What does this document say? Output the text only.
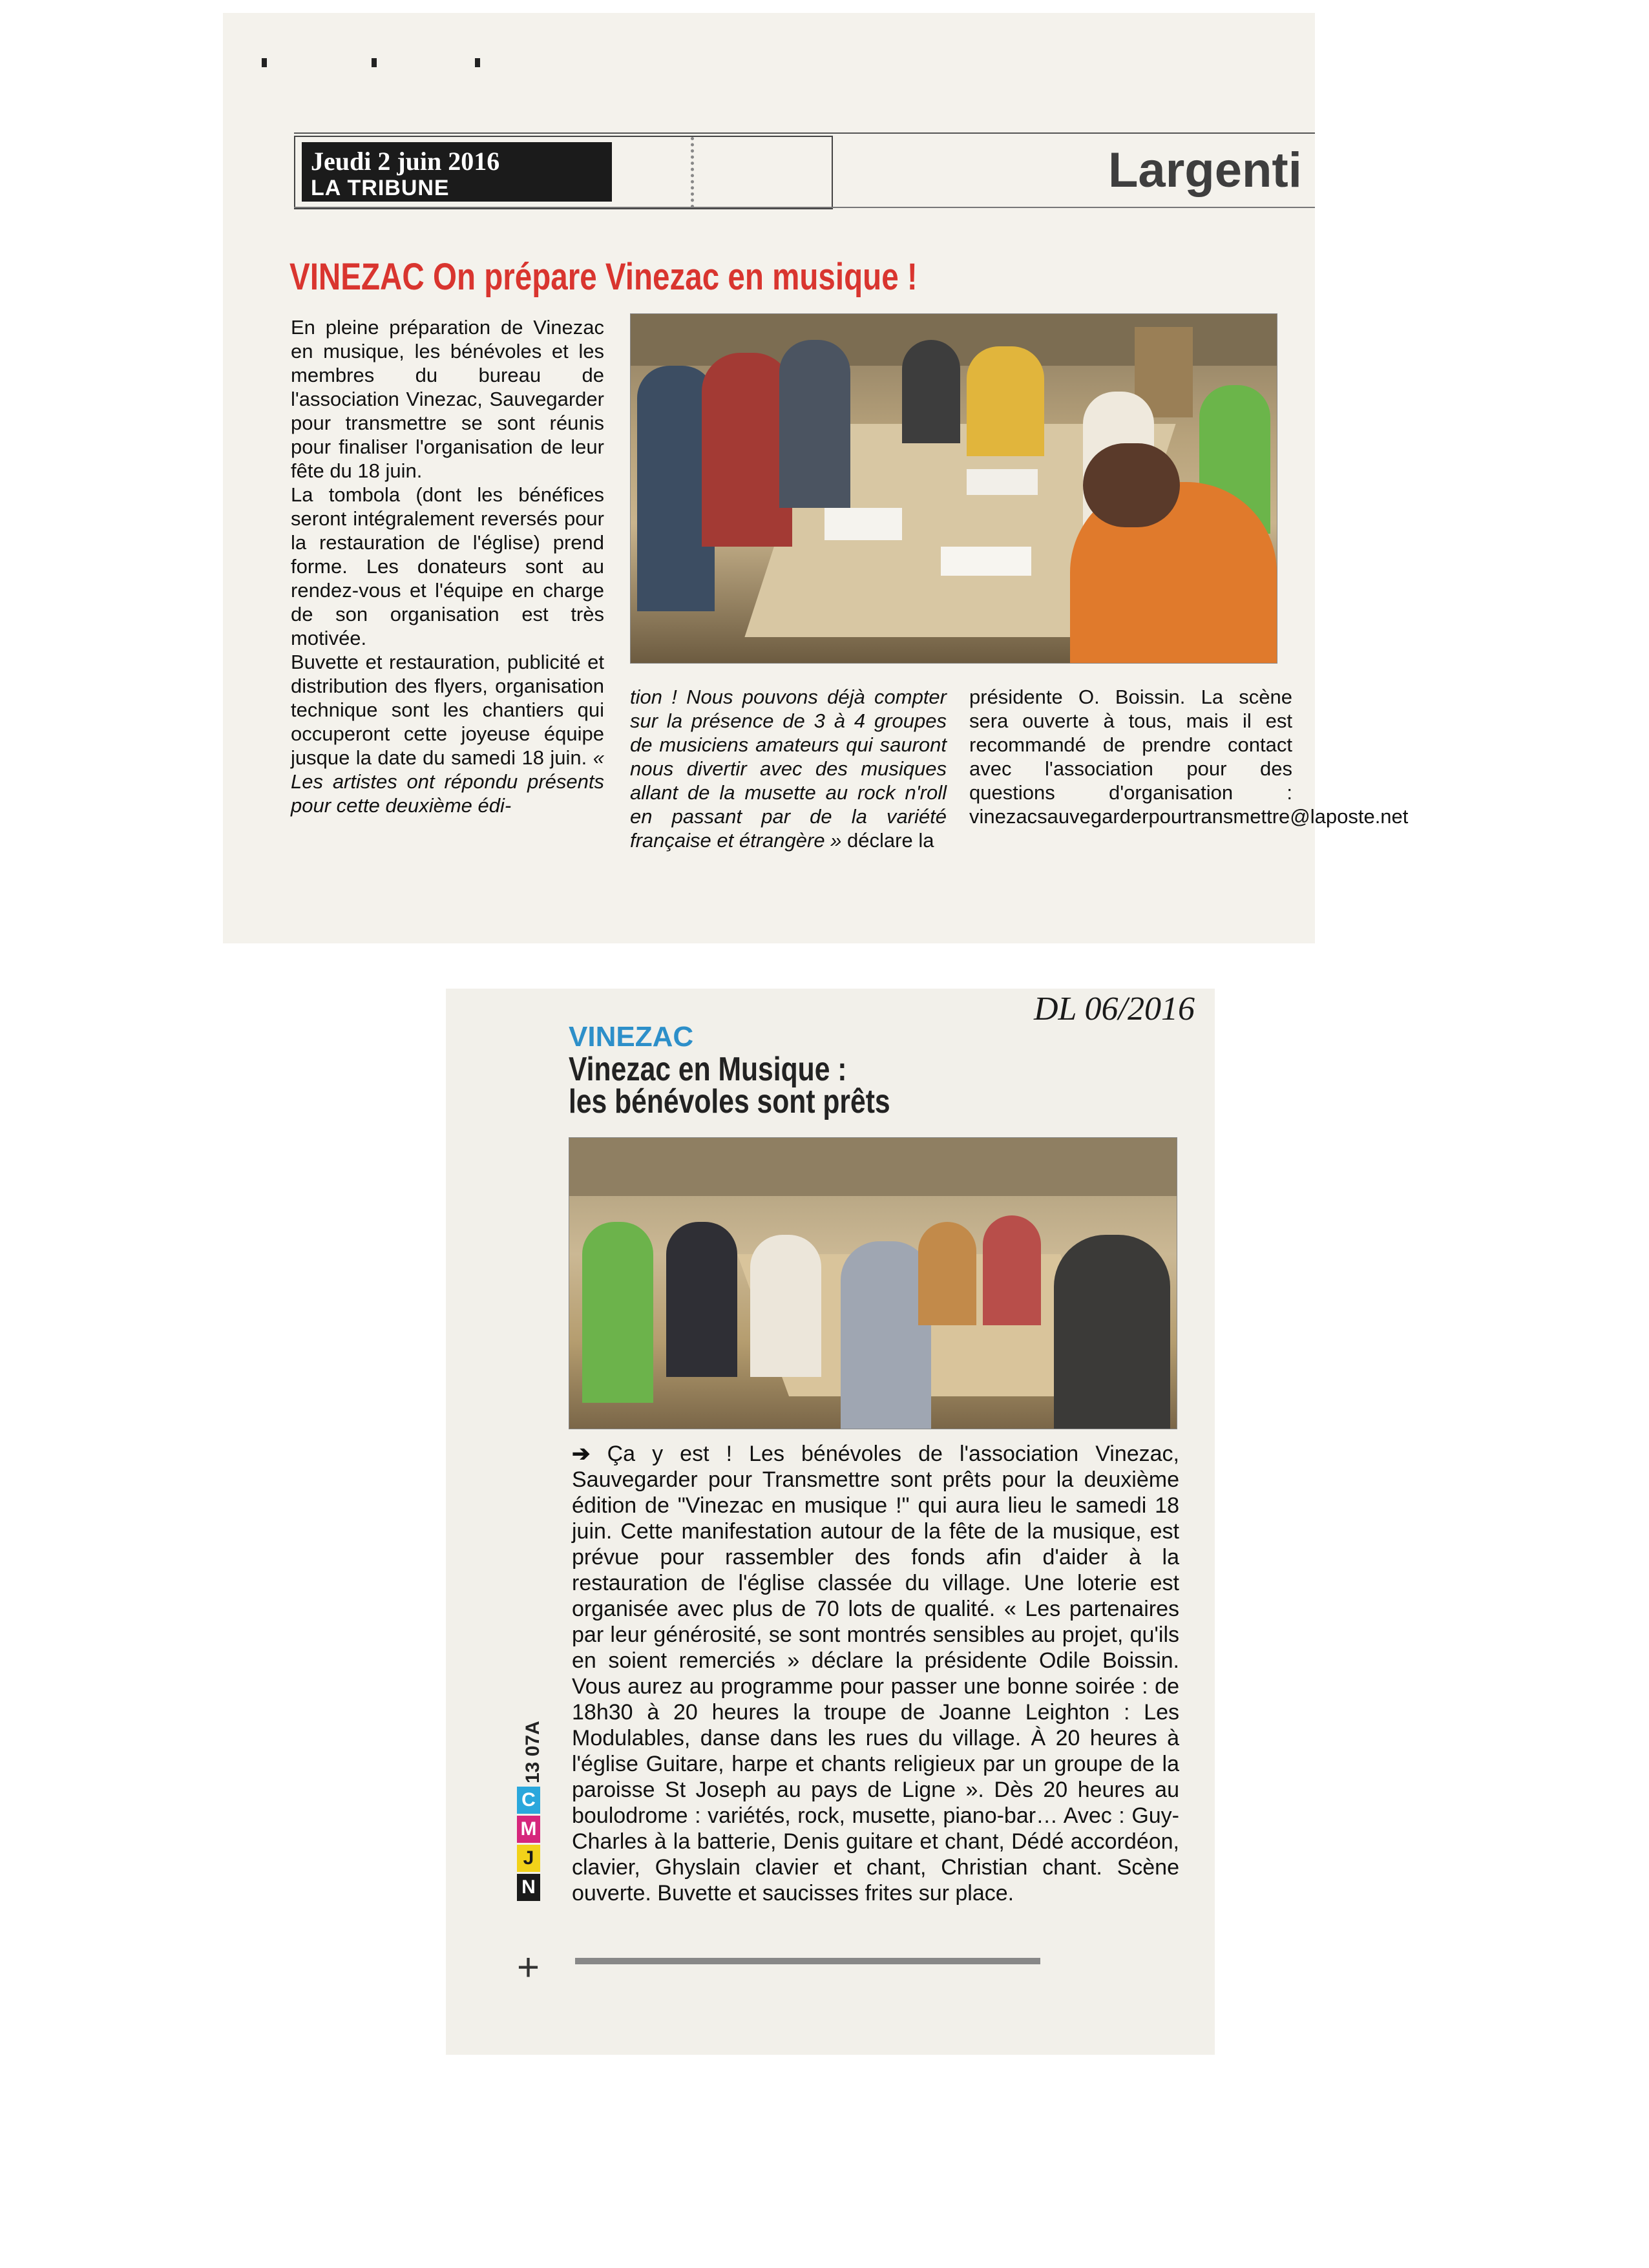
Jeudi 2 juin 2016
LA TRIBUNE	Largenti
VINEZAC On prépare Vinezac en musique !

En pleine préparation de Vinezac en musique, les bénévoles et les membres du bureau de l'association Vinezac, Sauvegarder pour transmettre se sont réunis pour finaliser l'organisation de leur fête du 18 juin.

La tombola (dont les bénéfices seront intégralement reversés pour la restauration de l'église) prend forme. Les donateurs sont au rendez-vous et l'équipe en charge de son organisation est très motivée.

Buvette et restauration, publicité et distribution des flyers, organisation technique sont les chantiers qui occuperont cette joyeuse équipe jusque la date du samedi 18 juin. « Les artistes ont répondu présents pour cette deuxième édi-

tion ! Nous pouvons déjà compter sur la présence de 3 à 4 groupes de musiciens amateurs qui sauront nous divertir avec des musiques allant de la musette au rock n'roll en passant par de la variété française et étrangère » déclare la

présidente O. Boissin. La scène sera ouverte à tous, mais il est recommandé de prendre contact avec l'association pour des questions d'organisation : vinezacsauvegarderpourtransmettre@laposte.net

DL 06/2016
VINEZAC
Vinezac en Musique :
les bénévoles sont prêts
➔ Ça y est ! Les bénévoles de l'association Vinezac, Sauvegarder pour Transmettre sont prêts pour la deuxième édition de "Vinezac en musique !" qui aura lieu le samedi 18 juin. Cette manifestation autour de la fête de la musique, est prévue pour rassembler des fonds afin d'aider à la restauration de l'église classée du village. Une loterie est organisée avec plus de 70 lots de qualité. « Les partenaires par leur générosité, se sont montrés sensibles au projet, qu'ils en soient remerciés » déclare la présidente Odile Boissin. Vous aurez au programme pour passer une bonne soirée : de 18h30 à 20 heures la troupe de Joanne Leighton : Les Modulables, danse dans les rues du village. À 20 heures à l'église Guitare, harpe et chants religieux par un groupe de la paroisse St Joseph au pays de Ligne ». Dès 20 heures au boulodrome : variétés, rock, musette, piano-bar… Avec : Guy-Charles à la batterie, Denis guitare et chant, Dédé accordéon, clavier, Ghyslain clavier et chant, Christian chant. Scène ouverte. Buvette et saucisses frites sur place.
13 07A
C
M
J
N
+
